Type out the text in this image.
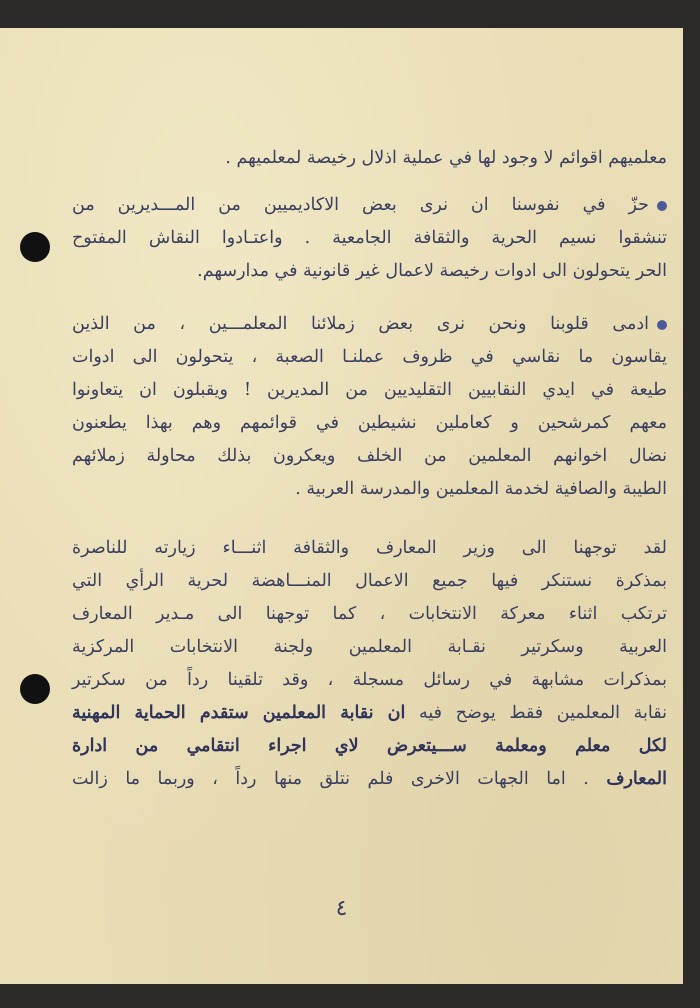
معلميهم اقوائم لا وجود لها في عملية اذلال رخيصة لمعلميهم .
حزّ في نفوسنا ان نرى بعض الاكاديميين من المـــديرين من
تنشقوا نسيم الحرية والثقافة الجامعية . واعتـادوا النقاش المفتوح
الحر يتحولون الى ادوات رخيصة لاعمال غير قانونية في مدارسهم.
ادمى قلوبنا ونحن نرى بعض زملائنا المعلمـــين ، من الذين
يقاسون ما نقاسي في ظروف عملنـا الصعبة ، يتحولون الى ادوات
طيعة في ايدي النقابيين التقليديين من المديرين ! ويقبلون ان يتعاونوا
معهم كمرشحين و كعاملين نشيطين في قوائمهم وهم بهذا يطعنون
نضال اخوانهم المعلمين من الخلف ويعكرون بذلك محاولة زملائهم
الطيبة والصافية لخدمة المعلمين والمدرسة العربية .
لقد توجهنا الى وزير المعارف والثقافة اثنـــاء زيارته للناصرة
بمذكرة نستنكر فيها جميع الاعمال المنـــاهضة لحرية الرأي التي
ترتكب اثناء معركة الانتخابات ، كما توجهنا الى مـدير المعارف
العربية وسكرتير نقـابة المعلمين ولجنة الانتخابات المركزية
بمذكرات مشابهة في رسائل مسجلة ، وقد تلقينا رداً من سكرتير
نقابة المعلمين فقط يوضح فيه ان نقابة المعلمين ستقدم الحماية المهنية
لكل معلم ومعلمة ســـيتعرض لاي اجراء انتقامي من ادارة
المعارف . اما الجهات الاخرى فلم نتلق منها رداً ، وربما ما زالت
٤
